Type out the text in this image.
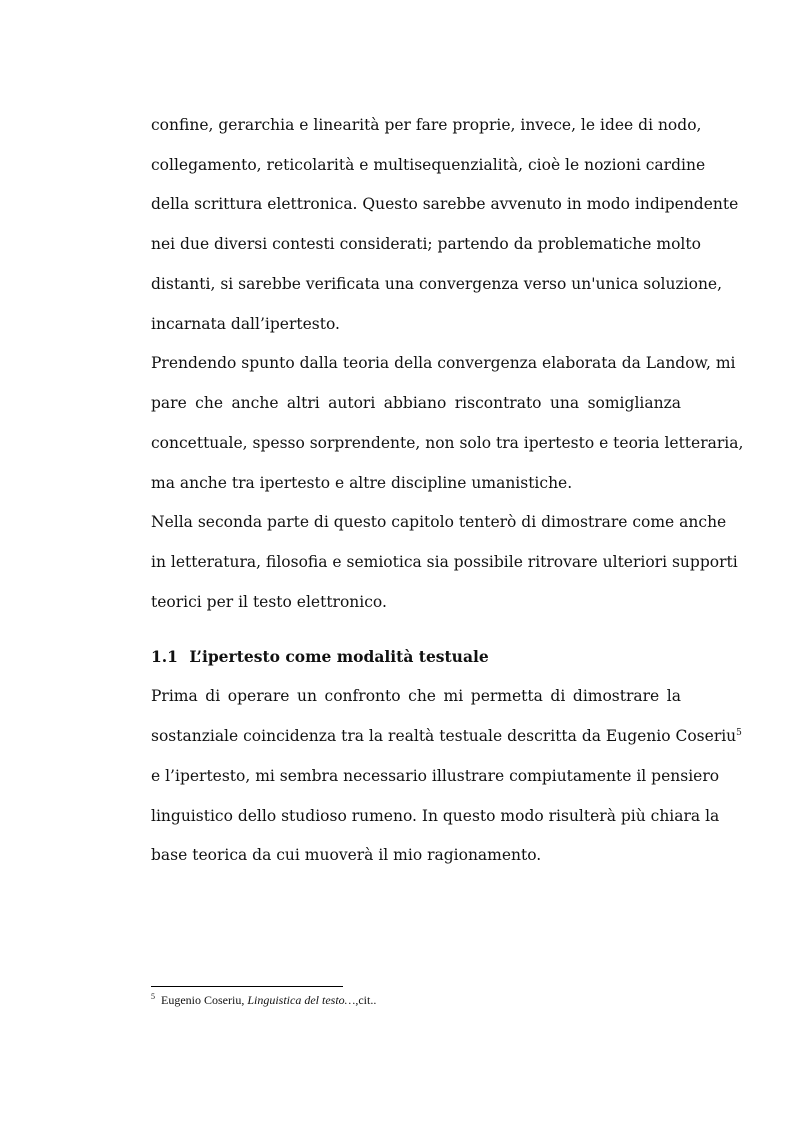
confine, gerarchia e linearità per fare proprie, invece, le idee di nodo,
collegamento, reticolarità e multisequenzialità, cioè le nozioni cardine
della scrittura elettronica. Questo sarebbe avvenuto in modo indipendente
nei due diversi contesti considerati; partendo da problematiche molto
distanti, si sarebbe verificata una convergenza verso un'unica soluzione,
incarnata dall’ipertesto.
Prendendo spunto dalla teoria della convergenza elaborata da Landow, mi
pare che anche altri autori abbiano riscontrato una somiglianza
concettuale, spesso sorprendente, non solo tra ipertesto e teoria letteraria,
ma anche tra ipertesto e altre discipline umanistiche.
Nella seconda parte di questo capitolo tenterò di dimostrare come anche
in letteratura, filosofia e semiotica sia possibile ritrovare ulteriori supporti
teorici per il testo elettronico.
1.1 L’ipertesto come modalità testuale
Prima di operare un confronto che mi permetta di dimostrare la
sostanziale coincidenza tra la realtà testuale descritta da Eugenio Coseriu$^5$
e l’ipertesto, mi sembra necessario illustrare compiutamente il pensiero
linguistico dello studioso rumeno. In questo modo risulterà più chiara la
base teorica da cui muoverà il mio ragionamento.
$^5$ Eugenio Coseriu, Linguistica del testo…,cit..
